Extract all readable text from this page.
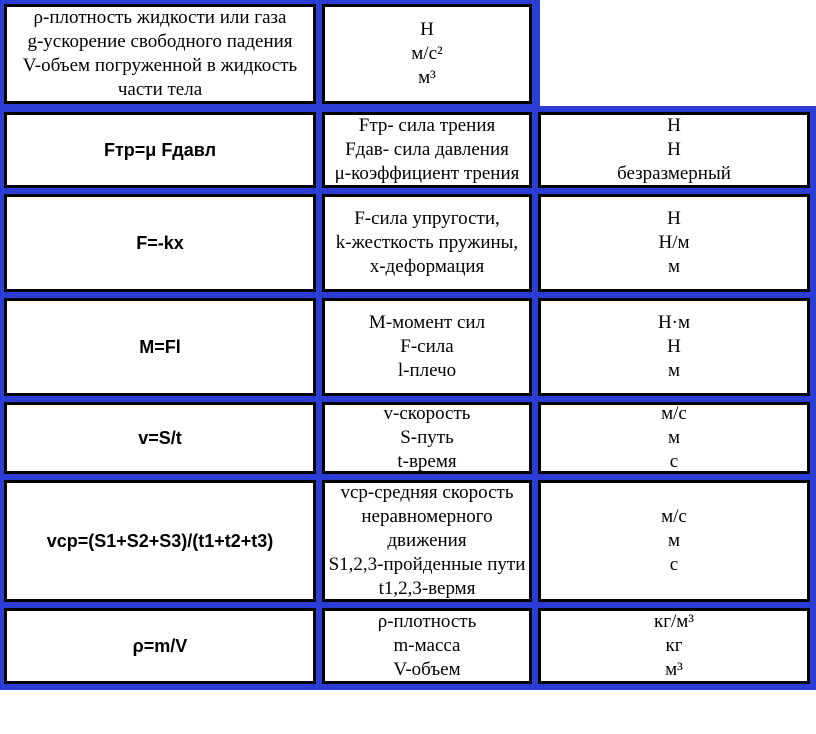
ρ-плотность жидкости или газа
g-ускорение свободного падения
V-объем погруженной в жидкость
части тела
Н
м/с²
м³
Fтр=μ Fдавл
Fтр- сила трения
Fдав- сила давления
μ-коэффициент трения
Н
Н
безразмерный
F=-kx
F-сила упругости,
k-жесткость пружины,
x-деформация
Н
Н/м
м
M=Fl
M-момент сил
F-сила
l-плечо
Н·м
Н
м
v=S/t
v-скорость
S-путь
t-время
м/с
м
с
vср=(S1+S2+S3)/(t1+t2+t3)
vср-средняя скорость
неравномерного
движения
S1,2,3-пройденные пути
t1,2,3-вермя
м/с
м
с
ρ=m/V
ρ-плотность
m-масса
V-объем
кг/м³
кг
м³
